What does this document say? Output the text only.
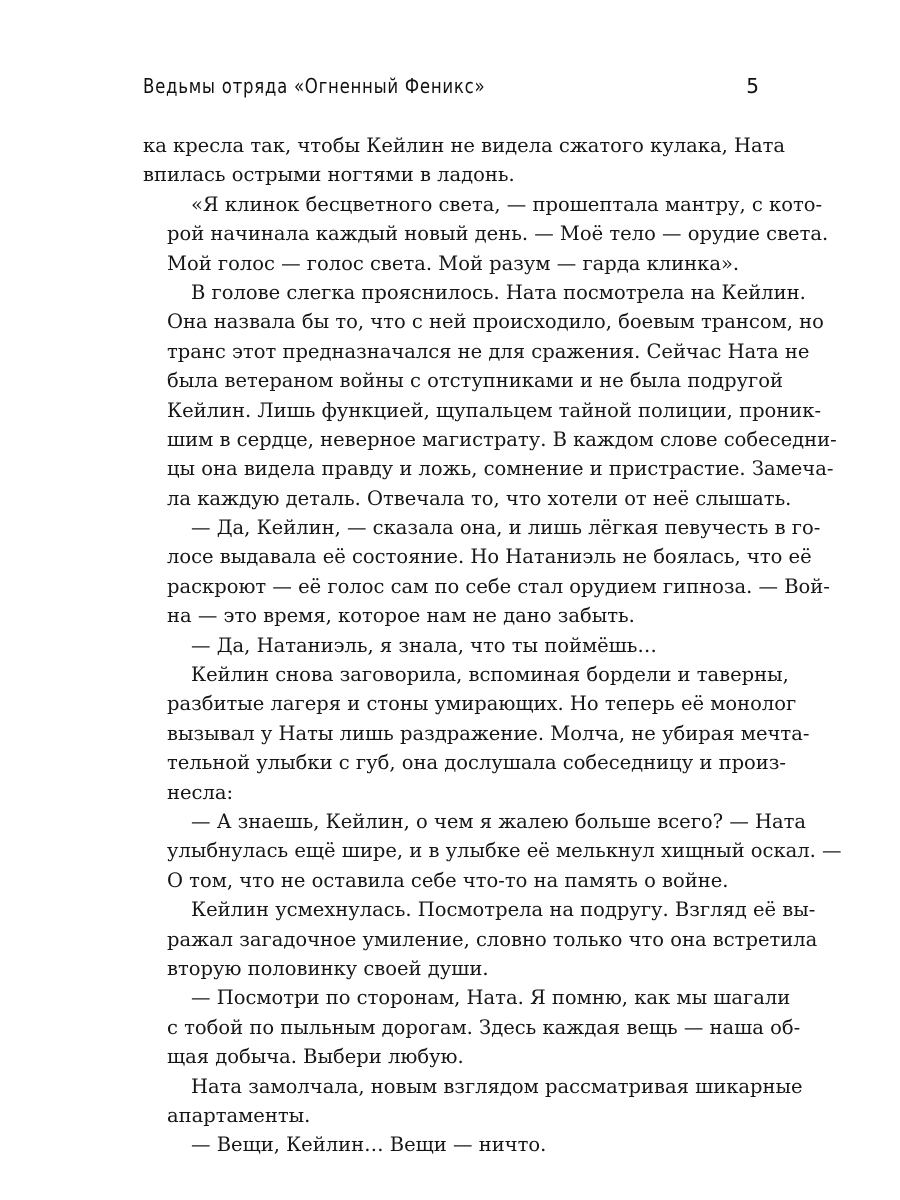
Ведьмы отряда «Огненный Феникс»	5
ка кресла так, чтобы Кейлин не видела сжатого кулака, Ната
впилась острыми ногтями в ладонь.
«Я клинок бесцветного света, — прошептала мантру, с кото-
рой начинала каждый новый день. — Моё тело — орудие света.
Мой голос — голос света. Мой разум — гарда клинка».
В голове слегка прояснилось. Ната посмотрела на Кейлин.
Она назвала бы то, что с ней происходило, боевым трансом, но
транс этот предназначался не для сражения. Сейчас Ната не
была ветераном войны с отступниками и не была подругой
Кейлин. Лишь функцией, щупальцем тайной полиции, проник-
шим в сердце, неверное магистрату. В каждом слове собеседни-
цы она видела правду и ложь, сомнение и пристрастие. Замеча-
ла каждую деталь. Отвечала то, что хотели от неё слышать.
— Да, Кейлин, — сказала она, и лишь лёгкая певучесть в го-
лосе выдавала её состояние. Но Натаниэль не боялась, что её
раскроют — её голос сам по себе стал орудием гипноза. — Вой-
на — это время, которое нам не дано забыть.
— Да, Натаниэль, я знала, что ты поймёшь…
Кейлин снова заговорила, вспоминая бордели и таверны,
разбитые лагеря и стоны умирающих. Но теперь её монолог
вызывал у Наты лишь раздражение. Молча, не убирая мечта-
тельной улыбки с губ, она дослушала собеседницу и произ-
несла:
— А знаешь, Кейлин, о чем я жалею больше всего? — Ната
улыбнулась ещё шире, и в улыбке её мелькнул хищный оскал. —
О том, что не оставила себе что-то на память о войне.
Кейлин усмехнулась. Посмотрела на подругу. Взгляд её вы-
ражал загадочное умиление, словно только что она встретила
вторую половинку своей души.
— Посмотри по сторонам, Ната. Я помню, как мы шагали
с тобой по пыльным дорогам. Здесь каждая вещь — наша об-
щая добыча. Выбери любую.
Ната замолчала, новым взглядом рассматривая шикарные
апартаменты.
— Вещи, Кейлин… Вещи — ничто.
